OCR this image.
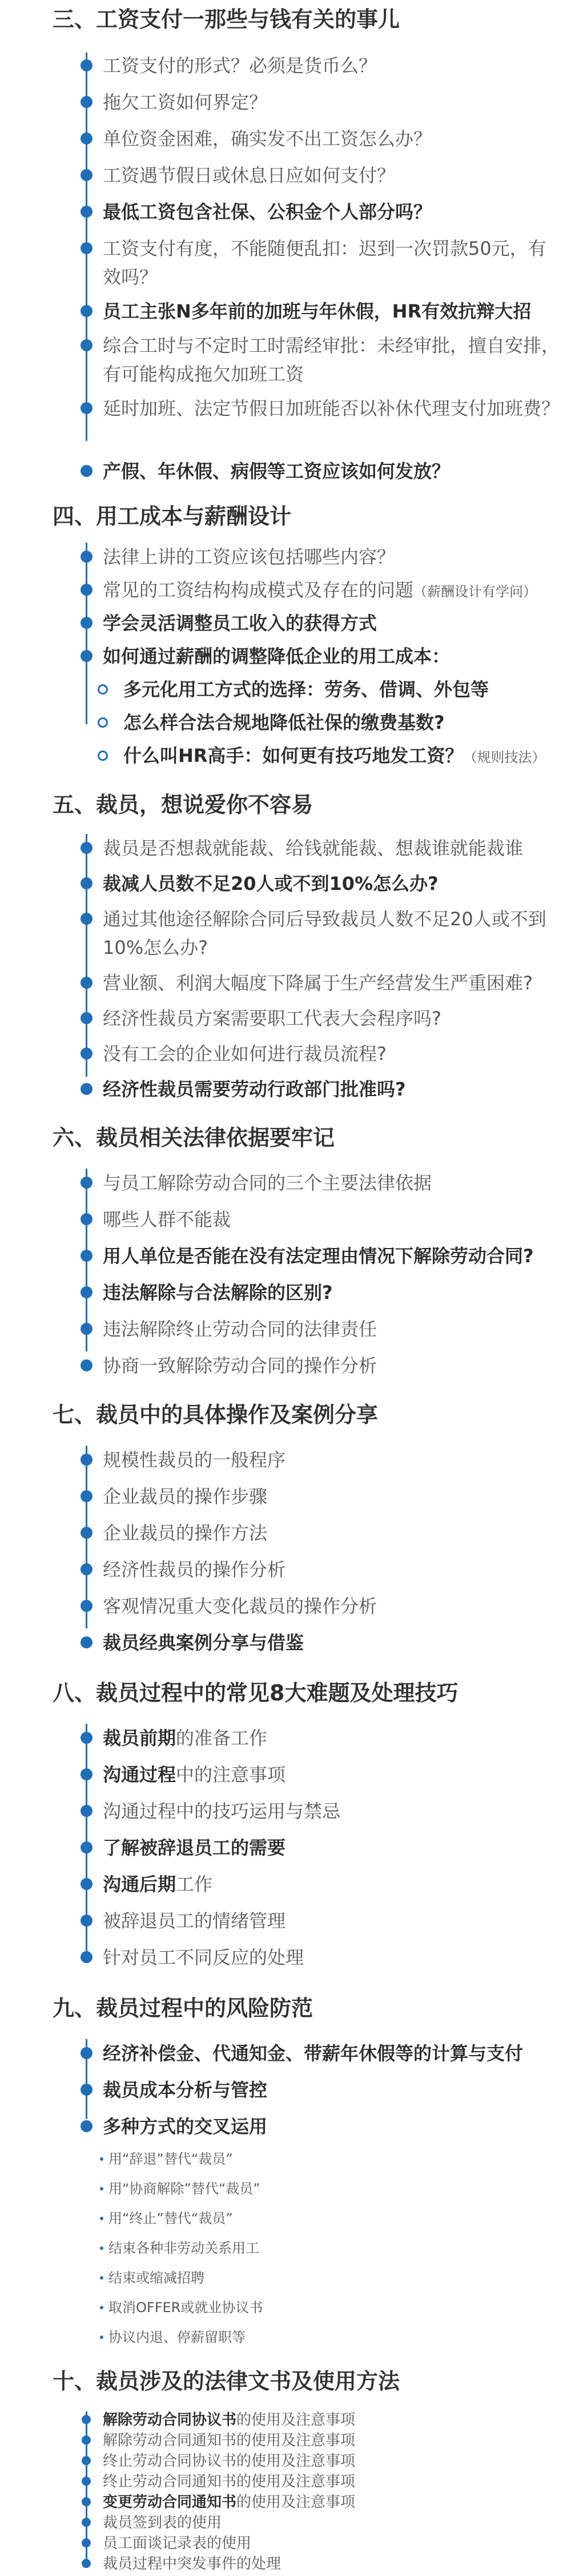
三、工资支付一那些与钱有关的事儿
工资支付的形式？必须是货币么？
拖欠工资如何界定？
单位资金困难，确实发不出工资怎么办？
工资遇节假日或休息日应如何支付？
最低工资包含社保、公积金个人部分吗？
工资支付有度，不能随便乱扣：迟到一次罚款50元，有效吗？
员工主张N多年前的加班与年休假，HR有效抗辩大招
综合工时与不定时工时需经审批：未经审批，擅自安排，有可能构成拖欠加班工资
延时加班、法定节假日加班能否以补休代理支付加班费？
产假、年休假、病假等工资应该如何发放？
四、用工成本与薪酬设计
法律上讲的工资应该包括哪些内容？
常见的工资结构构成模式及存在的问题（薪酬设计有学问）
学会灵活调整员工收入的获得方式
如何通过薪酬的调整降低企业的用工成本：
多元化用工方式的选择：劳务、借调、外包等
怎么样合法合规地降低社保的缴费基数?
什么叫HR高手：如何更有技巧地发工资？（规则技法）
五、裁员，想说爱你不容易
裁员是否想裁就能裁、给钱就能裁、想裁谁就能裁谁
裁减人员数不足20人或不到10%怎么办?
通过其他途径解除合同后导致裁员人数不足20人或不到10%怎么办?
营业额、利润大幅度下降属于生产经营发生严重困难?
经济性裁员方案需要职工代表大会程序吗?
没有工会的企业如何进行裁员流程?
经济性裁员需要劳动行政部门批准吗?
六、裁员相关法律依据要牢记
与员工解除劳动合同的三个主要法律依据
哪些人群不能裁
用人单位是否能在没有法定理由情况下解除劳动合同?
违法解除与合法解除的区别?
违法解除终止劳动合同的法律责任
协商一致解除劳动合同的操作分析
七、裁员中的具体操作及案例分享
规模性裁员的一般程序
企业裁员的操作步骤
企业裁员的操作方法
经济性裁员的操作分析
客观情况重大变化裁员的操作分析
裁员经典案例分享与借鉴
八、裁员过程中的常见8大难题及处理技巧
裁员前期的准备工作
沟通过程中的注意事项
沟通过程中的技巧运用与禁忌
了解被辞退员工的需要
沟通后期工作
被辞退员工的情绪管理
针对员工不同反应的处理
九、裁员过程中的风险防范
经济补偿金、代通知金、带薪年休假等的计算与支付
裁员成本分析与管控
多种方式的交叉运用
用“辞退”替代“裁员”
用“协商解除”替代“裁员”
用“终止”替代“裁员”
结束各种非劳动关系用工
结束或缩减招聘
取消OFFER或就业协议书
协议内退、停薪留职等
十、裁员涉及的法律文书及使用方法
解除劳动合同协议书的使用及注意事项
解除劳动合同通知书的使用及注意事项
终止劳动合同协议书的使用及注意事项
终止劳动合同通知书的使用及注意事项
变更劳动合同通知书的使用及注意事项
裁员签到表的使用
员工面谈记录表的使用
裁员过程中突发事件的处理
